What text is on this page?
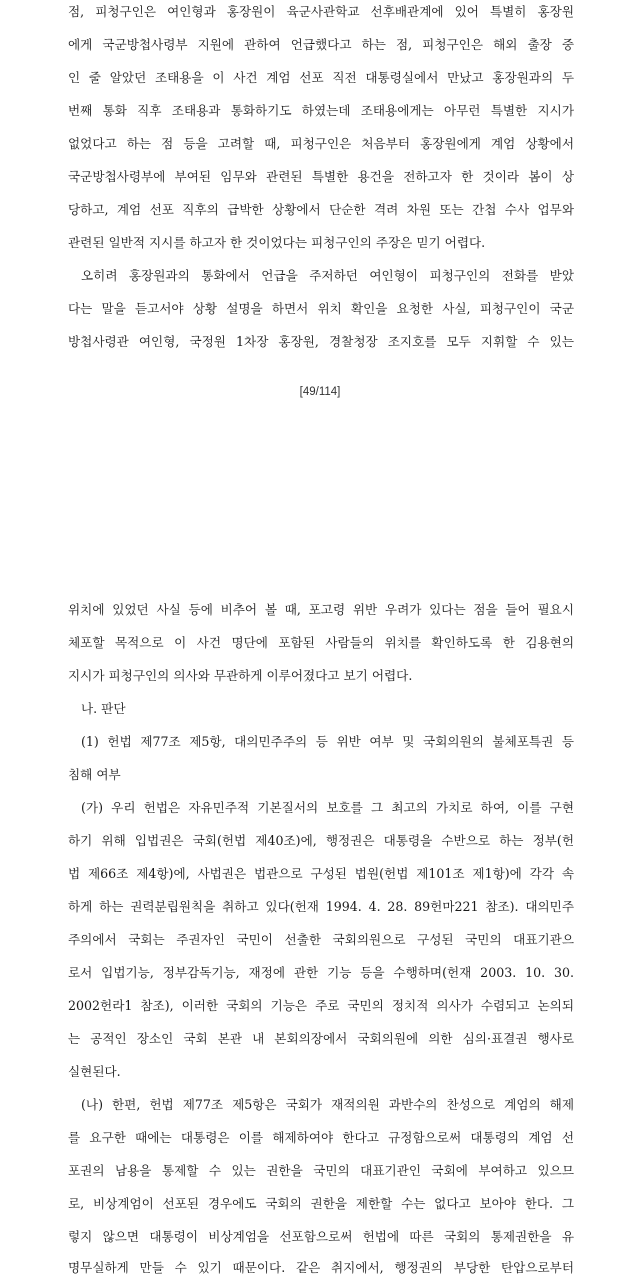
점, 피청구인은 여인형과 홍장원이 육군사관학교 선후배관계에 있어 특별히 홍장원
에게 국군방첩사령부 지원에 관하여 언급했다고 하는 점, 피청구인은 해외 출장 중
인 줄 알았던 조태용을 이 사건 계엄 선포 직전 대통령실에서 만났고 홍장원과의 두
번째 통화 직후 조태용과 통화하기도 하였는데 조태용에게는 아무런 특별한 지시가
없었다고 하는 점 등을 고려할 때, 피청구인은 처음부터 홍장원에게 계엄 상황에서
국군방첩사령부에 부여된 임무와 관련된 특별한 용건을 전하고자 한 것이라 봄이 상
당하고, 계엄 선포 직후의 급박한 상황에서 단순한 격려 차원 또는 간첩 수사 업무와
관련된 일반적 지시를 하고자 한 것이었다는 피청구인의 주장은 믿기 어렵다.
오히려 홍장원과의 통화에서 언급을 주저하던 여인형이 피청구인의 전화를 받았
다는 말을 듣고서야 상황 설명을 하면서 위치 확인을 요청한 사실, 피청구인이 국군
방첩사령관 여인형, 국정원 1차장 홍장원, 경찰청장 조지호를 모두 지휘할 수 있는
[49/114]
위치에 있었던 사실 등에 비추어 볼 때, 포고령 위반 우려가 있다는 점을 들어 필요시
체포할 목적으로 이 사건 명단에 포함된 사람들의 위치를 확인하도록 한 김용현의
지시가 피청구인의 의사와 무관하게 이루어졌다고 보기 어렵다.
나. 판단
(1) 헌법 제77조 제5항, 대의민주주의 등 위반 여부 및 국회의원의 불체포특권 등
침해 여부
(가) 우리 헌법은 자유민주적 기본질서의 보호를 그 최고의 가치로 하여, 이를 구현
하기 위해 입법권은 국회(헌법 제40조)에, 행정권은 대통령을 수반으로 하는 정부(헌
법 제66조 제4항)에, 사법권은 법관으로 구성된 법원(헌법 제101조 제1항)에 각각 속
하게 하는 권력분립원칙을 취하고 있다(헌재 1994. 4. 28. 89헌마221 참조). 대의민주
주의에서 국회는 주권자인 국민이 선출한 국회의원으로 구성된 국민의 대표기관으
로서 입법기능, 정부감독기능, 재정에 관한 기능 등을 수행하며(헌재 2003. 10. 30.
2002헌라1 참조), 이러한 국회의 기능은 주로 국민의 정치적 의사가 수렴되고 논의되
는 공적인 장소인 국회 본관 내 본회의장에서 국회의원에 의한 심의·표결권 행사로
실현된다.
(나) 한편, 헌법 제77조 제5항은 국회가 재적의원 과반수의 찬성으로 계엄의 해제
를 요구한 때에는 대통령은 이를 해제하여야 한다고 규정함으로써 대통령의 계엄 선
포권의 남용을 통제할 수 있는 권한을 국민의 대표기관인 국회에 부여하고 있으므
로, 비상계엄이 선포된 경우에도 국회의 권한을 제한할 수는 없다고 보아야 한다. 그
렇지 않으면 대통령이 비상계엄을 선포함으로써 헌법에 따른 국회의 통제권한을 유
명무실하게 만들 수 있기 때문이다. 같은 취지에서, 행정권의 부당한 탄압으로부터
